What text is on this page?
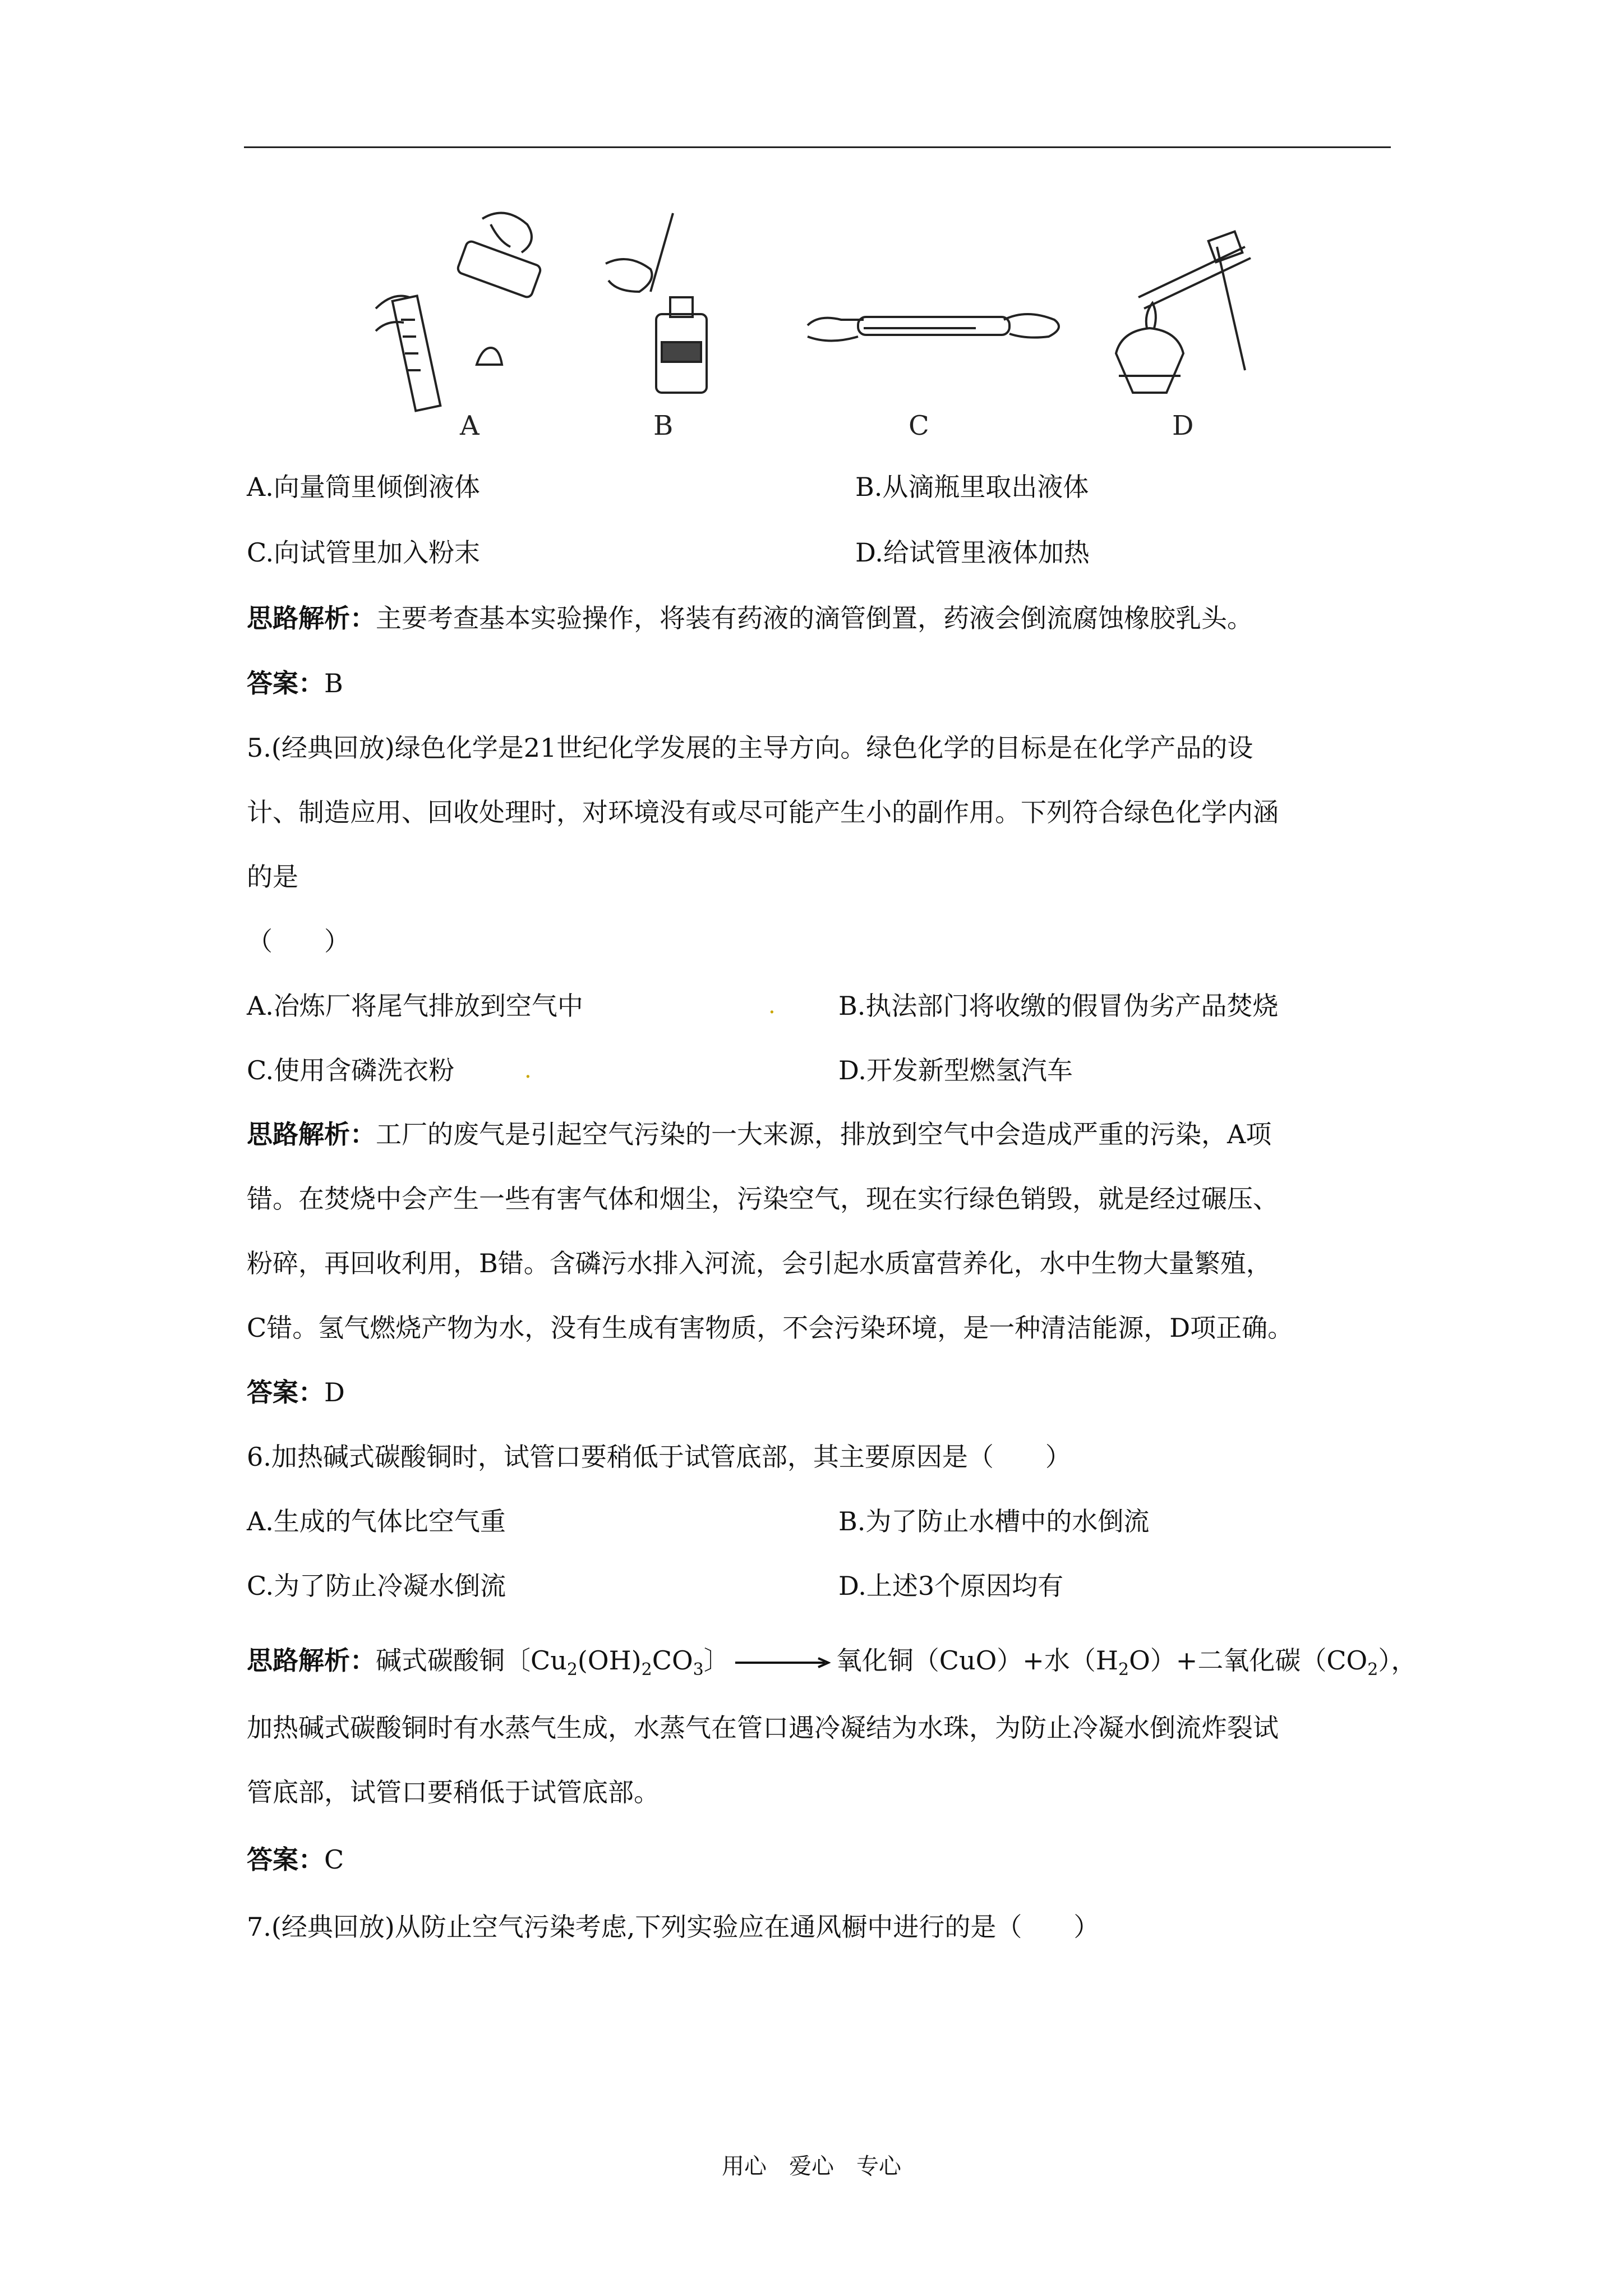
A	B	C	D
A.向量筒里倾倒液体	B.从滴瓶里取出液体
C.向试管里加入粉末	D.给试管里液体加热
思路解析：主要考查基本实验操作，将装有药液的滴管倒置，药液会倒流腐蚀橡胶乳头。
答案：B
5.(经典回放)绿色化学是21世纪化学发展的主导方向。绿色化学的目标是在化学产品的设
计、制造应用、回收处理时，对环境没有或尽可能产生小的副作用。下列符合绿色化学内涵
的是
（　　）
A.冶炼厂将尾气排放到空气中	. B.执法部门将收缴的假冒伪劣产品焚烧
C.使用含磷洗衣粉	.	D.开发新型燃氢汽车
思路解析：工厂的废气是引起空气污染的一大来源，排放到空气中会造成严重的污染，A项
错。在焚烧中会产生一些有害气体和烟尘，污染空气，现在实行绿色销毁，就是经过碾压、
粉碎，再回收利用，B错。含磷污水排入河流，会引起水质富营养化，水中生物大量繁殖，
C错。氢气燃烧产物为水，没有生成有害物质，不会污染环境，是一种清洁能源，D项正确。
答案：D
6.加热碱式碳酸铜时，试管口要稍低于试管底部，其主要原因是（　　）
A.生成的气体比空气重	B.为了防止水槽中的水倒流
C.为了防止冷凝水倒流	D.上述3个原因均有
思路解析：碱式碳酸铜〔$Cu_2(OH)_2CO_3$〕 → 氧化铜（CuO）+水$(H_2O)+$二氧化碳$(CO_2)$，
加热碱式碳酸铜时有水蒸气生成，水蒸气在管口遇冷凝结为水珠，为防止冷凝水倒流炸裂试
管底部，试管口要稍低于试管底部。
答案：C
7.(经典回放)从防止空气污染考虑,下列实验应在通风橱中进行的是（　　）
用心　爱心　专心
